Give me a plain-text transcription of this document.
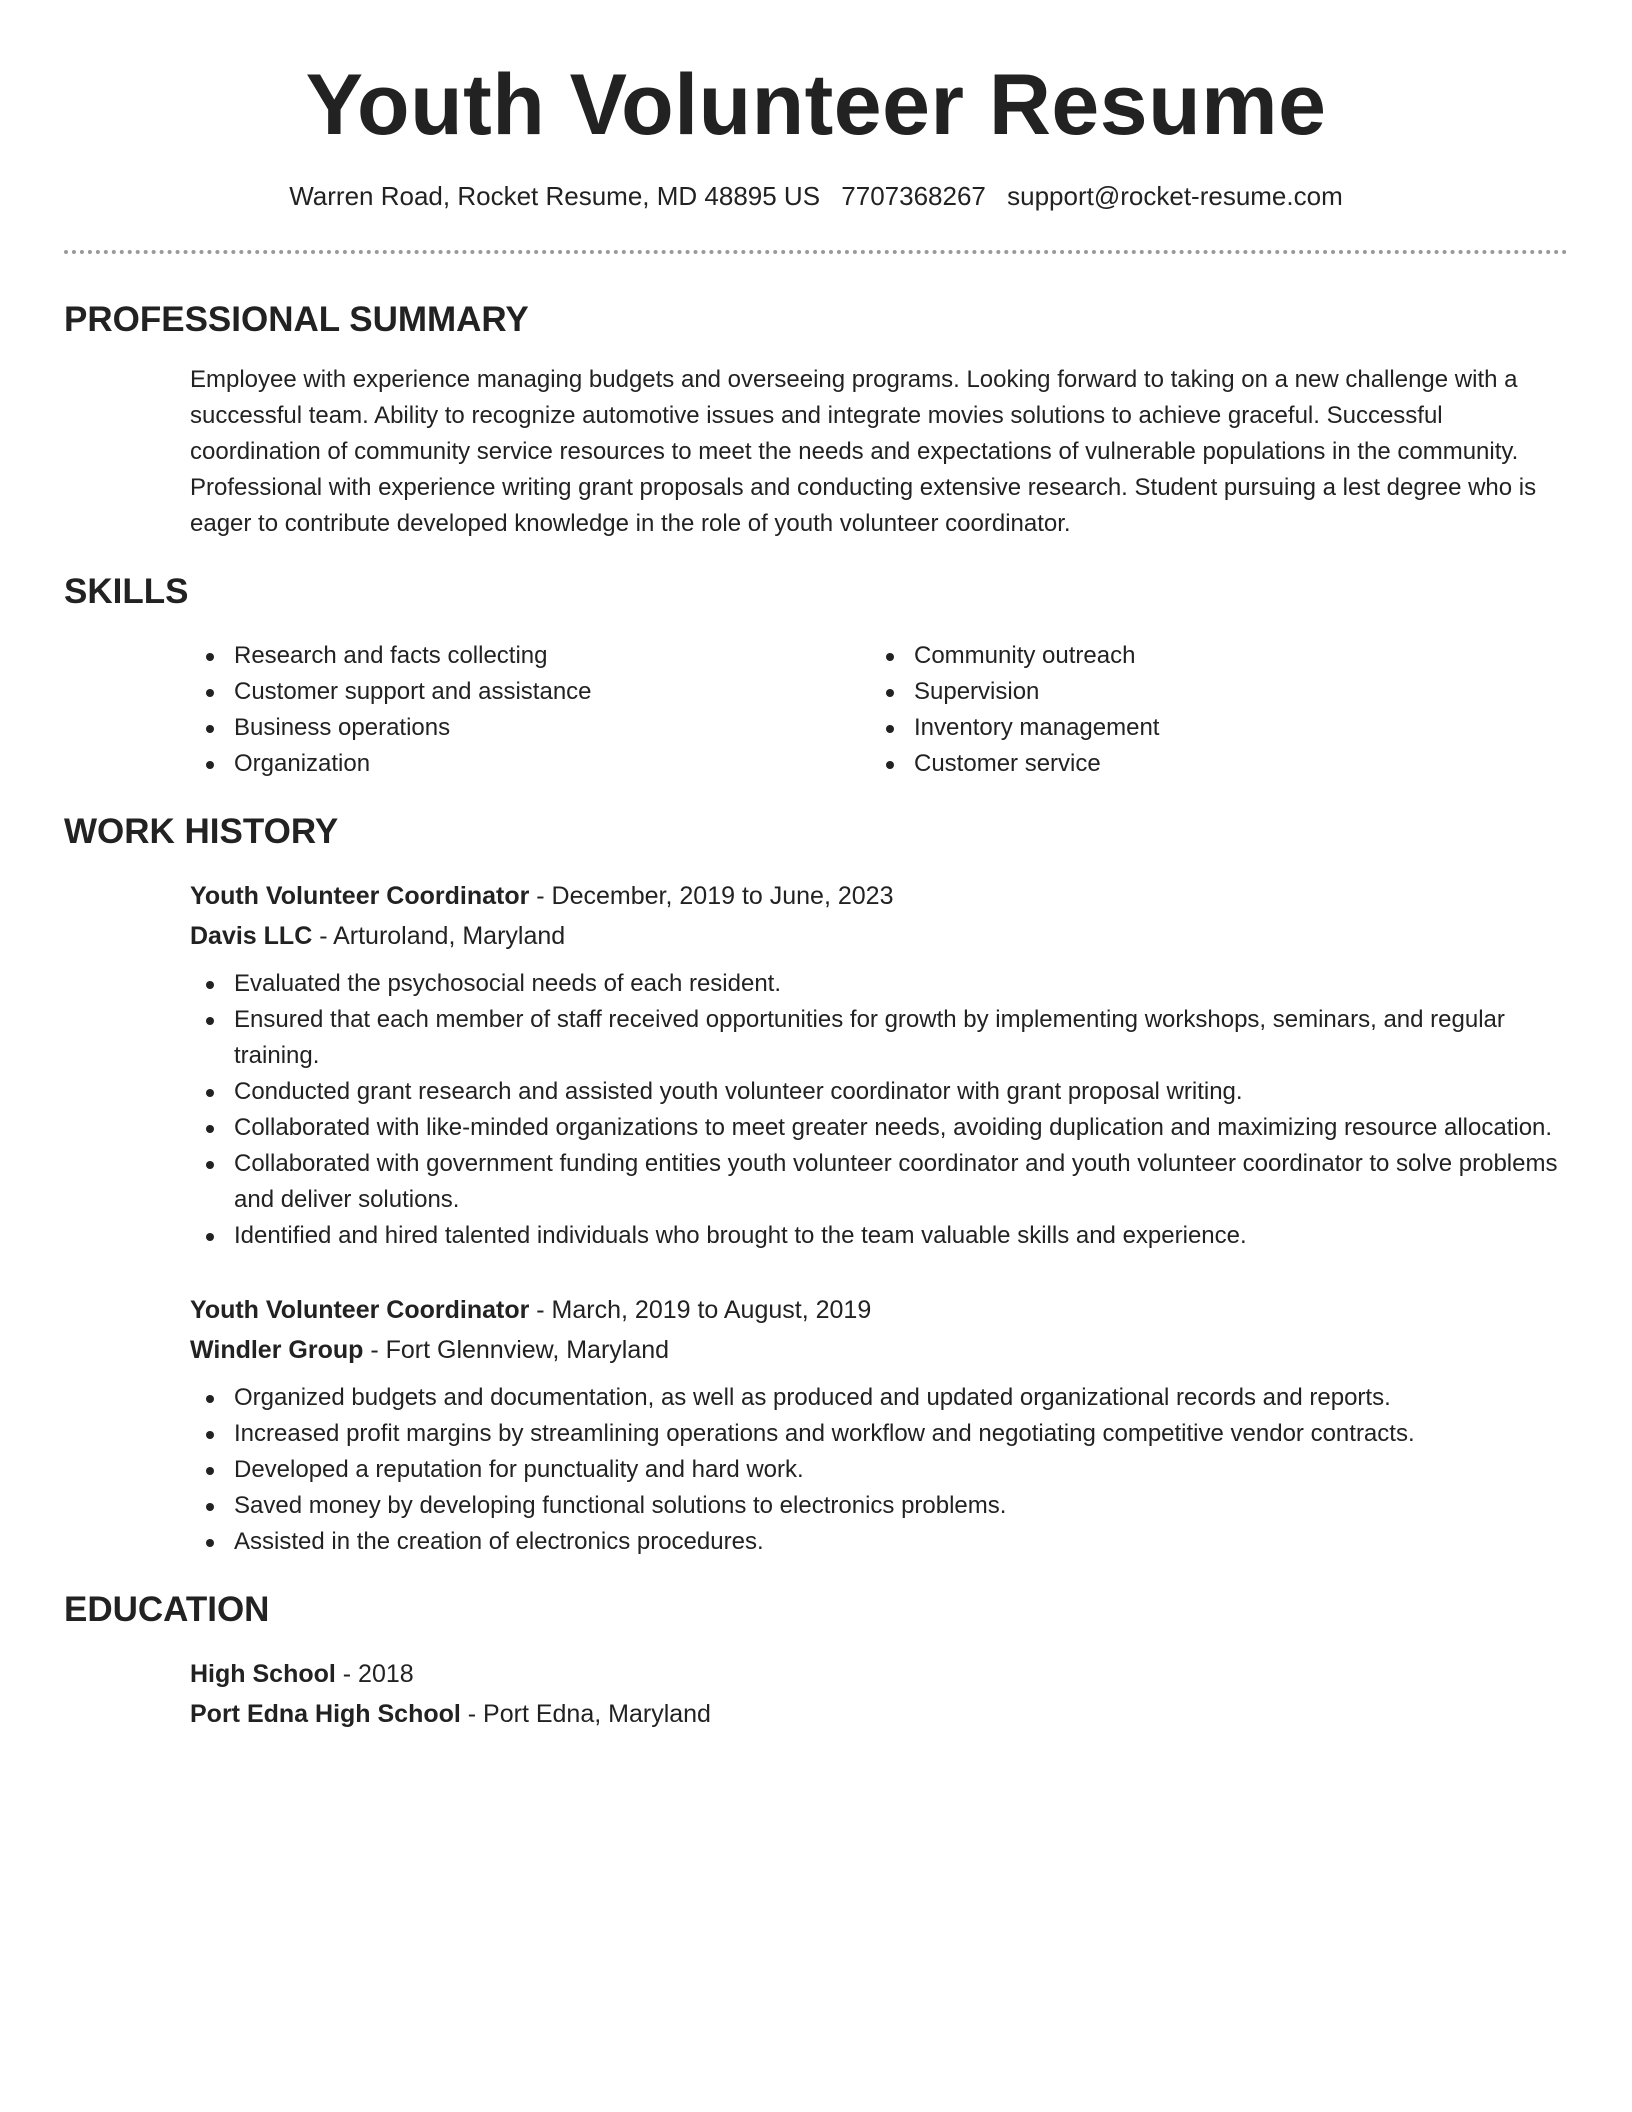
Youth Volunteer Resume
Warren Road, Rocket Resume, MD 48895 US 7707368267 support@rocket-resume.com
PROFESSIONAL SUMMARY

Employee with experience managing budgets and overseeing programs. Looking forward to taking on a new challenge with a successful team. Ability to recognize automotive issues and integrate movies solutions to achieve graceful. Successful coordination of community service resources to meet the needs and expectations of vulnerable populations in the community. Professional with experience writing grant proposals and conducting extensive research. Student pursuing a lest degree who is eager to contribute developed knowledge in the role of youth volunteer coordinator.

SKILLS
Research and facts collecting
Customer support and assistance
Business operations
Organization
Community outreach
Supervision
Inventory management
Customer service
WORK HISTORY
Youth Volunteer Coordinator - December, 2019 to June, 2023
Davis LLC - Arturoland, Maryland
Evaluated the psychosocial needs of each resident.
Ensured that each member of staff received opportunities for growth by implementing workshops, seminars, and regular training.
Conducted grant research and assisted youth volunteer coordinator with grant proposal writing.
Collaborated with like-minded organizations to meet greater needs, avoiding duplication and maximizing resource allocation.
Collaborated with government funding entities youth volunteer coordinator and youth volunteer coordinator to solve problems and deliver solutions.
Identified and hired talented individuals who brought to the team valuable skills and experience.
Youth Volunteer Coordinator - March, 2019 to August, 2019
Windler Group - Fort Glennview, Maryland
Organized budgets and documentation, as well as produced and updated organizational records and reports.
Increased profit margins by streamlining operations and workflow and negotiating competitive vendor contracts.
Developed a reputation for punctuality and hard work.
Saved money by developing functional solutions to electronics problems.
Assisted in the creation of electronics procedures.
EDUCATION
High School - 2018
Port Edna High School - Port Edna, Maryland
